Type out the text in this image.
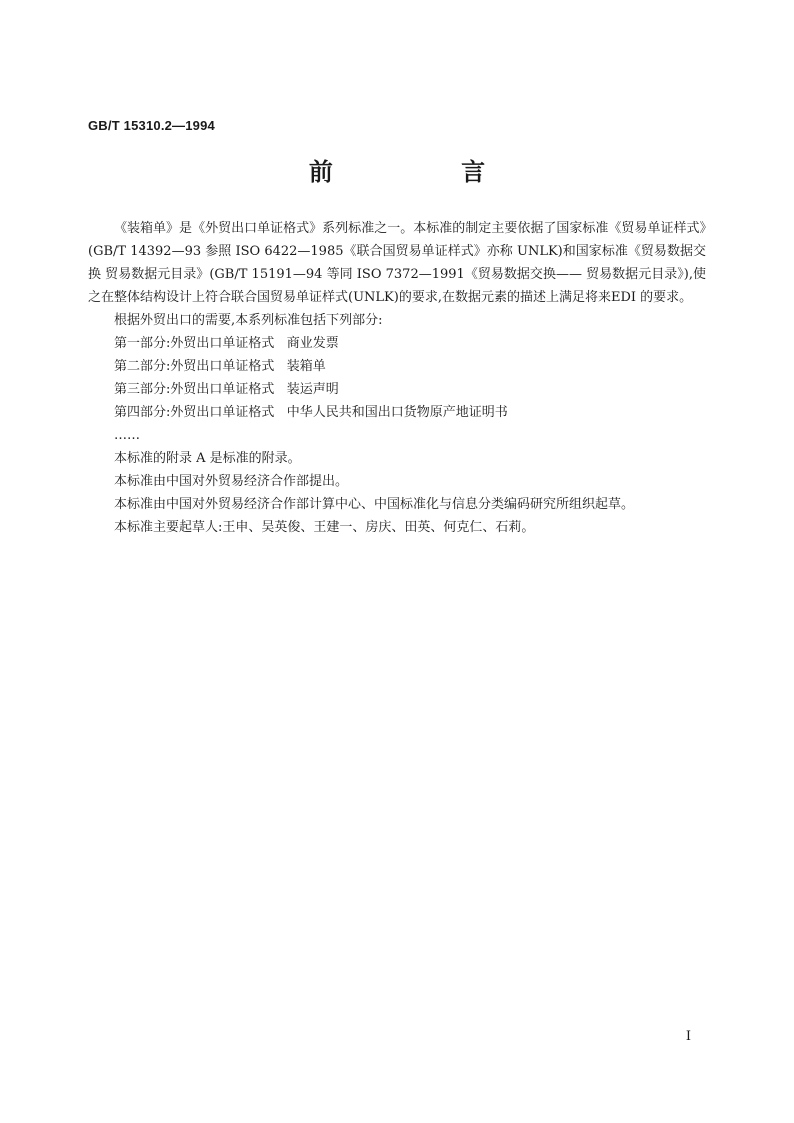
GB/T 15310.2—1994
前 言

《装箱单》是《外贸出口单证格式》系列标准之一。本标准的制定主要依据了国家标准《贸易单证样式》(GB/T 14392—93 参照 ISO 6422—1985《联合国贸易单证样式》亦称 UNLK)和国家标准《贸易数据交换 贸易数据元目录》(GB/T 15191—94 等同 ISO 7372—1991《贸易数据交换—— 贸易数据元目录》),使之在整体结构设计上符合联合国贸易单证样式(UNLK)的要求,在数据元素的描述上满足将来EDI 的要求。

根据外贸出口的需要,本系列标准包括下列部分:

第一部分:外贸出口单证格式   商业发票

第二部分:外贸出口单证格式   装箱单

第三部分:外贸出口单证格式   装运声明

第四部分:外贸出口单证格式   中华人民共和国出口货物原产地证明书

……

本标准的附录 A 是标准的附录。

本标准由中国对外贸易经济合作部提出。

本标准由中国对外贸易经济合作部计算中心、中国标准化与信息分类编码研究所组织起草。

本标准主要起草人:王申、吴英俊、王建一、房庆、田英、何克仁、石莉。

I
